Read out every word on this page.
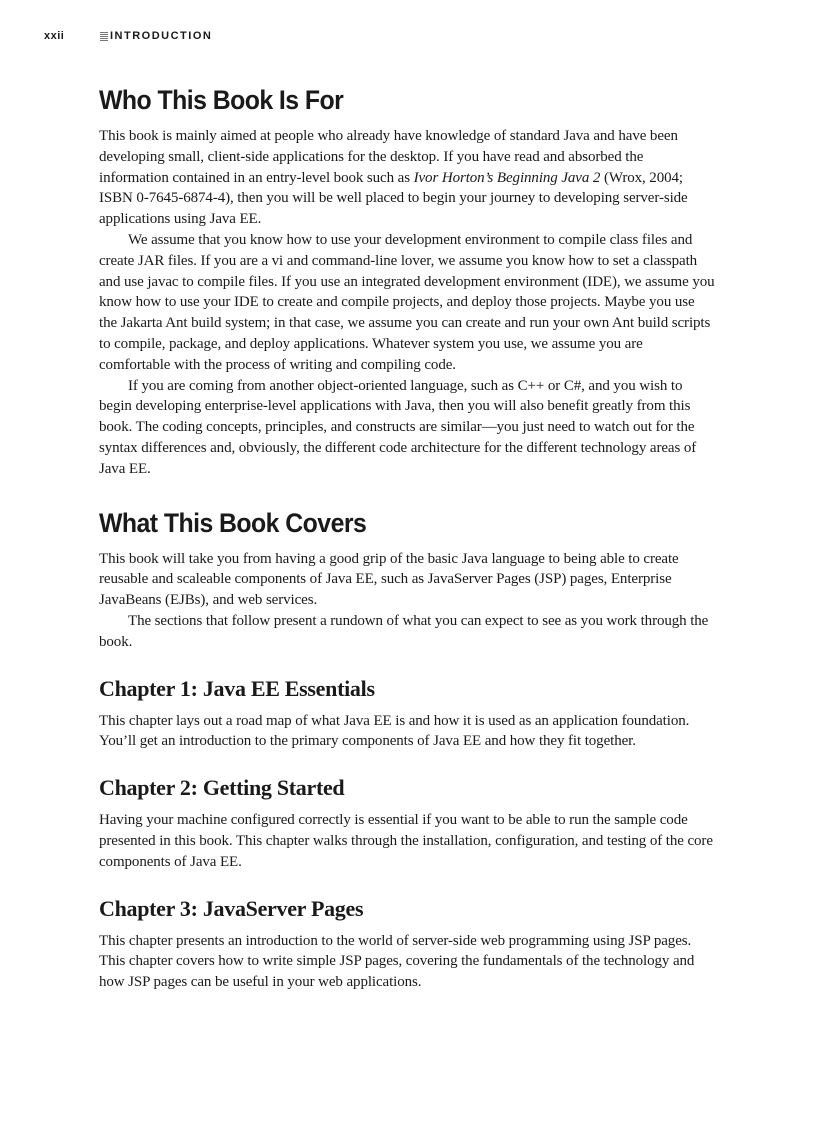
xxii	INTRODUCTION
Who This Book Is For

This book is mainly aimed at people who already have knowledge of standard Java and have been developing small, client-side applications for the desktop. If you have read and absorbed the information contained in an entry-level book such as Ivor Horton’s Beginning Java 2 (Wrox, 2004; ISBN 0-7645-6874-4), then you will be well placed to begin your journey to developing server-side applications using Java EE.

We assume that you know how to use your development environment to compile class files and create JAR files. If you are a vi and command-line lover, we assume you know how to set a classpath and use javac to compile files. If you use an integrated development environment (IDE), we assume you know how to use your IDE to create and compile projects, and deploy those projects. Maybe you use the Jakarta Ant build system; in that case, we assume you can create and run your own Ant build scripts to compile, package, and deploy applications. Whatever system you use, we assume you are comfortable with the process of writing and compiling code.

If you are coming from another object-oriented language, such as C++ or C#, and you wish to begin developing enterprise-level applications with Java, then you will also benefit greatly from this book. The coding concepts, principles, and constructs are similar—you just need to watch out for the syntax differences and, obviously, the different code architecture for the different technology areas of Java EE.

What This Book Covers

This book will take you from having a good grip of the basic Java language to being able to create reusable and scaleable components of Java EE, such as JavaServer Pages (JSP) pages, Enterprise JavaBeans (EJBs), and web services.

The sections that follow present a rundown of what you can expect to see as you work through the book.

Chapter 1: Java EE Essentials

This chapter lays out a road map of what Java EE is and how it is used as an application foundation. You’ll get an introduction to the primary components of Java EE and how they fit together.

Chapter 2: Getting Started

Having your machine configured correctly is essential if you want to be able to run the sample code presented in this book. This chapter walks through the installation, configuration, and testing of the core components of Java EE.

Chapter 3: JavaServer Pages

This chapter presents an introduction to the world of server-side web programming using JSP pages. This chapter covers how to write simple JSP pages, covering the fundamentals of the technology and how JSP pages can be useful in your web applications.
